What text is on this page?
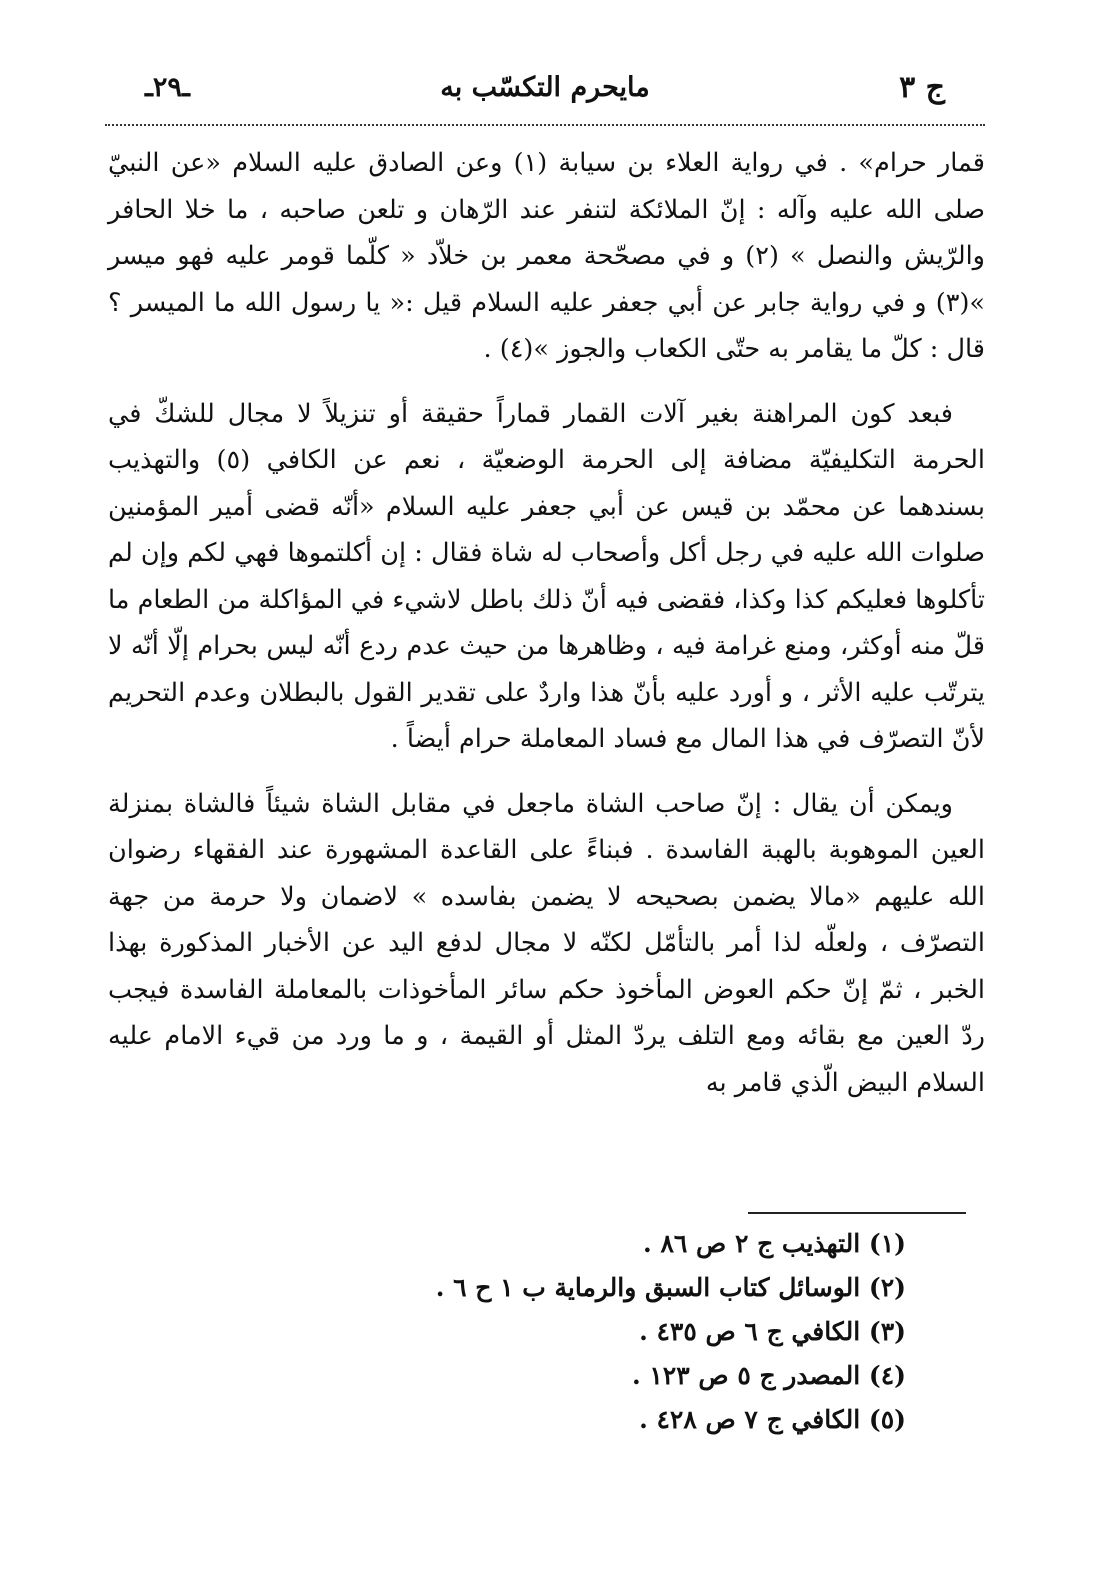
ج ٣
مايحرم التكسّب به
ـ٢٩ـ

قمار حرام» . في رواية العلاء بن سيابة (١) وعن الصادق عليه السلام «عن النبيّ صلى الله عليه وآله : إنّ الملائكة لتنفر عند الرّهان و تلعن صاحبه ، ما خلا الحافر والرّيش والنصل » (٢) و في مصحّحة معمر بن خلاّد « كلّما قومر عليه فهو ميسر »(٣) و في رواية جابر عن أبي جعفر عليه السلام قيل :« يا رسول الله ما الميسر ؟ قال : كلّ ما يقامر به حتّى الكعاب والجوز »(٤) .

فبعد كون المراهنة بغير آلات القمار قماراً حقيقة أو تنزيلاً لا مجال للشكّ في الحرمة التكليفيّة مضافة إلى الحرمة الوضعيّة ، نعم عن الكافي (٥) والتهذيب بسندهما عن محمّد بن قيس عن أبي جعفر عليه السلام «أنّه قضى أمير المؤمنين صلوات الله عليه في رجل أكل وأصحاب له شاة فقال : إن أكلتموها فهي لكم وإن لم تأكلوها فعليكم كذا وكذا، فقضى فيه أنّ ذلك باطل لاشيء في المؤاكلة من الطعام ما قلّ منه أوكثر، ومنع غرامة فيه ، وظاهرها من حيث عدم ردع أنّه ليس بحرام إلّا أنّه لا يترتّب عليه الأثر ، و أورد عليه بأنّ هذا واردٌ على تقدير القول بالبطلان وعدم التحريم لأنّ التصرّف في هذا المال مع فساد المعاملة حرام أيضاً .

ويمكن أن يقال : إنّ صاحب الشاة ماجعل في مقابل الشاة شيئاً فالشاة بمنزلة العين الموهوبة بالهبة الفاسدة . فبناءً على القاعدة المشهورة عند الفقهاء رضوان الله عليهم «مالا يضمن بصحيحه لا يضمن بفاسده » لاضمان ولا حرمة من جهة التصرّف ، ولعلّه لذا أمر بالتأمّل لكنّه لا مجال لدفع اليد عن الأخبار المذكورة بهذا الخبر ، ثمّ إنّ حكم العوض المأخوذ حكم سائر المأخوذات بالمعاملة الفاسدة فيجب ردّ العين مع بقائه ومع التلف يردّ المثل أو القيمة ، و ما ورد من قيء الامام عليه السلام البيض الّذي قامر به

(١) التهذيب ج ٢ ص ٨٦ .
(٢) الوسائل كتاب السبق والرماية ب ١ ح ٦ .
(٣) الكافي ج ٦ ص ٤٣٥ .
(٤) المصدر ج ٥ ص ١٢٣ .
(٥) الكافي ج ٧ ص ٤٢٨ .
